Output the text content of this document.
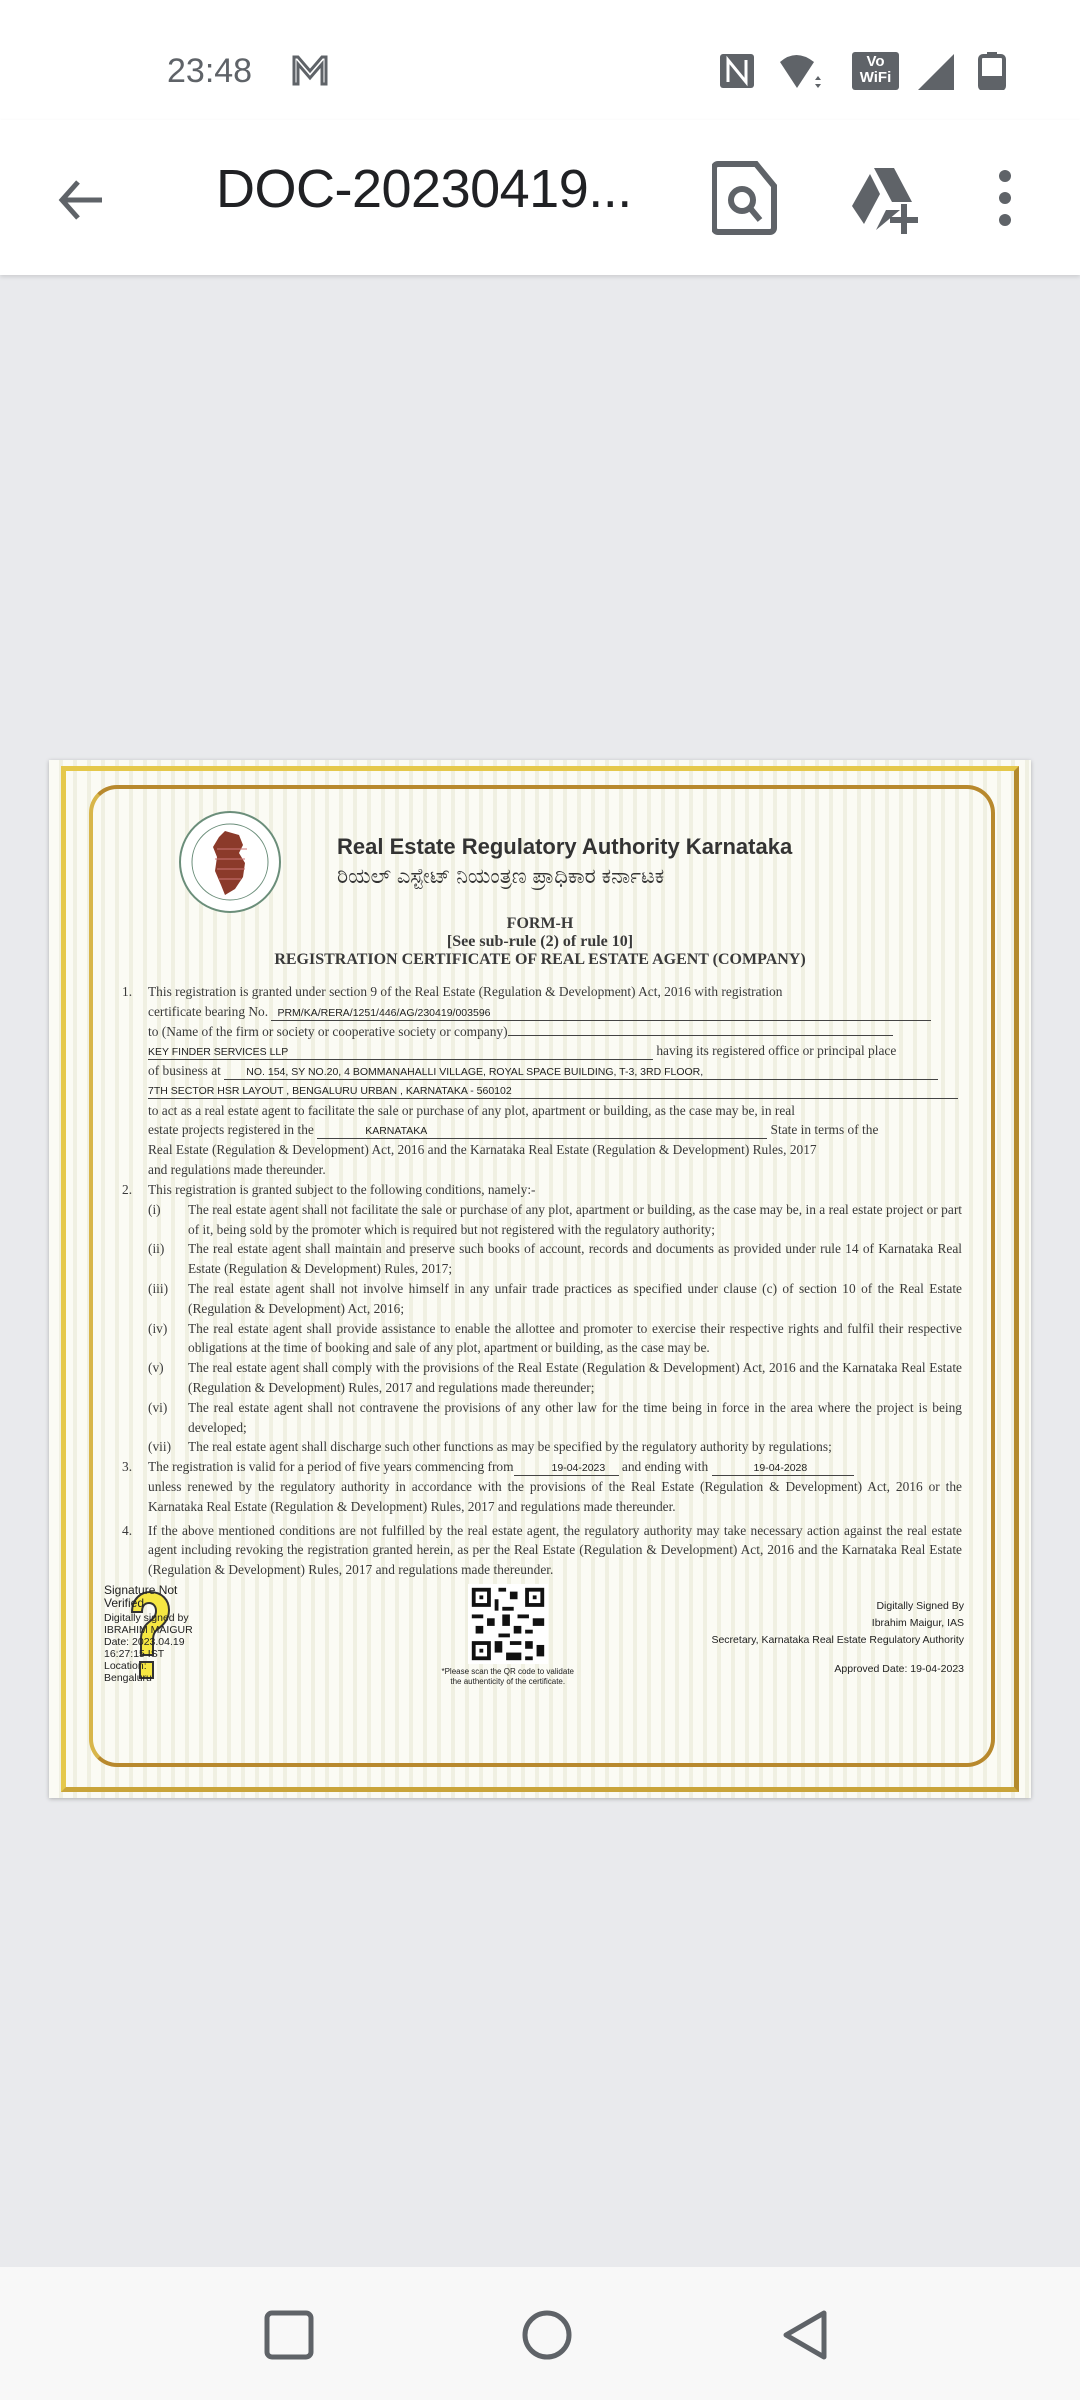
23:48	Vo WiFi
DOC-20230419...
Real Estate Regulatory Authority Karnataka
ರಿಯಲ್ ಎಸ್ಟೇಟ್ ನಿಯಂತ್ರಣ ಪ್ರಾಧಿಕಾರ ಕರ್ನಾಟಕ
FORM-H
[See sub-rule (2) of rule 10]
REGISTRATION CERTIFICATE OF REAL ESTATE AGENT (COMPANY)
1. This registration is granted under section 9 of the Real Estate (Regulation & Development) Act, 2016 with registration
certificate bearing No. PRM/KA/RERA/1251/446/AG/230419/003596
to (Name of the firm or society or cooperative society or company)
KEY FINDER SERVICES LLP	having its registered office or principal place
of business at NO. 154, SY NO.20, 4 BOMMANAHALLI VILLAGE, ROYAL SPACE BUILDING, T-3, 3RD FLOOR,
7TH SECTOR HSR LAYOUT , BENGALURU URBAN , KARNATAKA - 560102
to act as a real estate agent to facilitate the sale or purchase of any plot, apartment or building, as the case may be, in real
estate projects registered in the	KARNATAKA	State in terms of the
Real Estate (Regulation & Development) Act, 2016 and the Karnataka Real Estate (Regulation & Development) Rules, 2017
and regulations made thereunder.
2.	This registration is granted subject to the following conditions, namely:-
(i)	The real estate agent shall not facilitate the sale or purchase of any plot, apartment or building, as the case may be, in a real estate project or part of it, being sold by the promoter which is required but not registered with the regulatory authority;
(ii)	The real estate agent shall maintain and preserve such books of account, records and documents as provided under rule 14 of Karnataka Real Estate (Regulation & Development) Rules, 2017;
(iii)	The real estate agent shall not involve himself in any unfair trade practices as specified under clause (c) of section 10 of the Real Estate (Regulation & Development) Act, 2016;
(iv)	The real estate agent shall provide assistance to enable the allottee and promoter to exercise their respective rights and fulfil their respective obligations at the time of booking and sale of any plot, apartment or building, as the case may be.
(v)	The real estate agent shall comply with the provisions of the Real Estate (Regulation & Development) Act, 2016 and the Karnataka Real Estate (Regulation & Development) Rules, 2017 and regulations made thereunder;
(vi)	The real estate agent shall not contravene the provisions of any other law for the time being in force in the area where the project is being developed;
(vii)	The real estate agent shall discharge such other functions as may be specified by the regulatory authority by regulations;
3.	The registration is valid for a period of five years commencing from	19-04-2023 and ending with	19-04-2028
unless renewed by the regulatory authority in accordance with the provisions of the Real Estate (Regulation & Development) Act, 2016 or the Karnataka Real Estate (Regulation & Development) Rules, 2017 and regulations made thereunder.
4.	If the above mentioned conditions are not fulfilled by the real estate agent, the regulatory authority may take necessary action against the real estate agent including revoking the registration granted herein, as per the Real Estate (Regulation & Development) Act, 2016 and the Karnataka Real Estate (Regulation & Development) Rules, 2017 and regulations made thereunder.
Signature Not Verified
Digitally signed by
IBRAHIM MAIGUR
Date: 2023.04.19
16:27:15 IST
Location:
Bengaluru
*Please scan the QR code to validate
the authenticity of the certificate.
Digitally Signed By
Ibrahim Maigur, IAS
Secretary, Karnataka Real Estate Regulatory Authority
Approved Date: 19-04-2023
